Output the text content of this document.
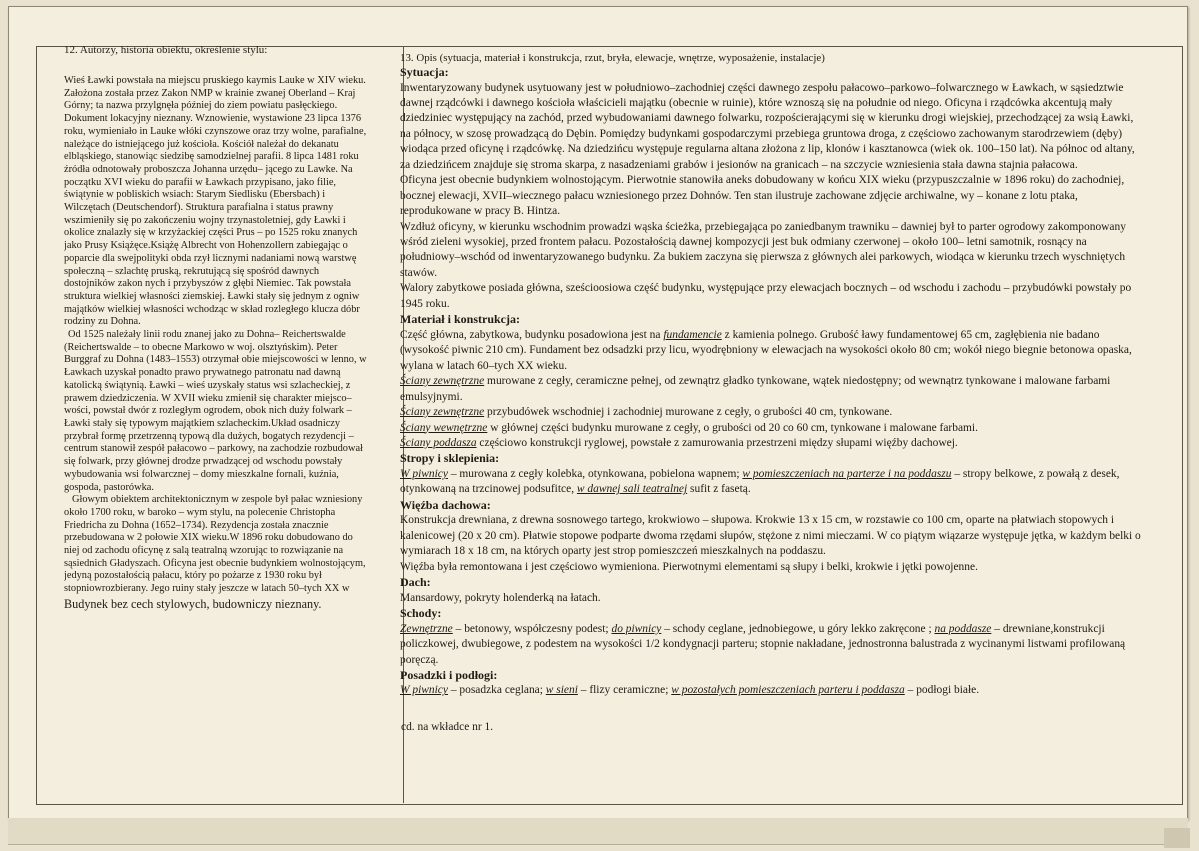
12. Autorzy, historia obiektu, określenie stylu:

Wieś Ławki powstała na miejscu pruskiego kaymis Lauke w XIV wieku. Założona została przez Zakon NMP w krainie zwanej Oberland – Kraj Górny; ta nazwa przylgnęła później do ziem powiatu pasłęckiego. Dokument lokacyjny nieznany. Wznowienie, wystawione 23 lipca 1376 roku, wymieniało in Lauke włóki czynszowe oraz trzy wolne, parafialne, należące do istniejącego już kościoła. Kościół należał do dekanatu elbląskiego, stanowiąc siedzibę samodzielnej parafii. 8 lipca 1481 roku źródła odnotowały proboszcza Johanna urzędu– jącego zu Lawke. Na początku XVI wieku do parafii w Ławkach przypisano, jako filie, świątynie w pobliskich wsiach: Starym Siedlisku (Ebersbach) i Wilczętach (Deutschendorf). Struktura parafialna i status prawny wszimieniły się po zakończeniu wojny trzynastoletniej, gdy Ławki i okolice znalazły się w krzyżackiej części Prus – po 1525 roku znanych jako Prusy Książęce.Książę Albrecht von Hohenzollern zabiegając o poparcie dla swejpolityki obda rzył licznymi nadaniami nową warstwę społeczną – szlachtę pruską, rekrutującą się spośród dawnych dostojników zakon nych i przybyszów z głębi Niemiec. Tak powstała struktura wielkiej własności ziemskiej. Ławki stały się jednym z ogniw majątków wielkiej własności wchodząc w skład rozległego klucza dóbr rodziny zu Dohna.

Od 1525 należały linii rodu znanej jako zu Dohna– Reichertswalde (Reichertswalde – to obecne Markowo w woj. olsztyńskim). Peter Burggraf zu Dohna (1483–1553) otrzymał obie miejscowości w lenno, w Ławkach uzyskał ponadto prawo prywatnego patronatu nad dawną katolicką świątynią. Ławki – wieś uzyskały status wsi szlacheckiej, z prawem dziedziczenia. W XVII wieku zmienił się charakter miejsco– wości, powstał dwór z rozległym ogrodem, obok nich duży folwark – Ławki stały się typowym majątkiem szlacheckim.Układ osadniczy przybrał formę przetrzenną typową dla dużych, bogatych rezydencji – centrum stanowił zespół pałacowo – parkowy, na zachodzie rozbudował się folwark, przy głównej drodze prwadzącej od wschodu powstały wybudowania wsi folwarcznej – domy mieszkalne fornali, kuźnia, gospoda, pastorówka.

Głowym obiektem architektonicznym w zespole był pałac wzniesiony około 1700 roku, w baroko – wym stylu, na polecenie Christopha Friedricha zu Dohna (1652–1734). Rezydencja została znacznie przebudowana w 2 połowie XIX wieku.W 1896 roku dobudowano do niej od zachodu oficynę z salą teatralną wzorując to rozwiązanie na sąsiednich Gładyszach. Oficyna jest obecnie budynkiem wolnostojącym, jedyną pozostałością pałacu, który po pożarze z 1930 roku był stopniowrozbierany. Jego ruiny stały jeszcze w latach 50–tych XX w

Budynek bez cech stylowych, budowniczy nieznany.

13. Opis (sytuacja, materiał i konstrukcja, rzut, bryła, elewacje, wnętrze, wyposażenie, instalacje)

Sytuacja:

Inwentaryzowany budynek usytuowany jest w południowo–zachodniej części dawnego zespołu pałacowo–parkowo–folwarcznego w Ławkach, w sąsiedztwie dawnej rządcówki i dawnego kościoła właścicieli majątku (obecnie w ruinie), które wznoszą się na południe od niego. Oficyna i rządcówka akcentują mały dziedziniec występujący na zachód, przed wybudowaniami dawnego folwarku, rozpościerającymi się w kierunku drogi wiejskiej, przechodzącej za wsią Ławki, na północy, w szosę prowadzącą do Dębin. Pomiędzy budynkami gospodarczymi przebiega gruntowa droga, z częściowo zachowanym starodrzewiem (dęby) wiodąca przed oficynę i rządcówkę. Na dziedzińcu występuje regularna altana złożona z lip, klonów i kasztanowca (wiek ok. 100–150 lat). Na północ od altany, za dziedzińcem znajduje się stroma skarpa, z nasadzeniami grabów i jesionów na granicach – na szczycie wzniesienia stała dawna stajnia pałacowa.

Oficyna jest obecnie budynkiem wolnostojącym. Pierwotnie stanowiła aneks dobudowany w końcu XIX wieku (przypuszczalnie w 1896 roku) do zachodniej, bocznej elewacji, XVII–wiecznego pałacu wzniesionego przez Dohnów. Ten stan ilustruje zachowane zdjęcie archiwalne, wy – konane z lotu ptaka, reprodukowane w pracy B. Hintza.

Wzdłuż oficyny, w kierunku wschodnim prowadzi wąska ścieżka, przebiegająca po zaniedbanym trawniku – dawniej był to parter ogrodowy zakomponowany wśród zieleni wysokiej, przed frontem pałacu. Pozostałością dawnej kompozycji jest buk odmiany czerwonej – około 100– letni samotnik, rosnący na południowy–wschód od inwentaryzowanego budynku. Za bukiem zaczyna się pierwsza z głównych alei parkowych, wiodąca w kierunku trzech wyschniętych stawów.

Walory zabytkowe posiada główna, sześcioosiowa część budynku, występujące przy elewacjach bocznych – od wschodu i zachodu – przybudówki powstały po 1945 roku.

Materiał i konstrukcja:

Część główna, zabytkowa, budynku posadowiona jest na fundamencie z kamienia polnego. Grubość ławy fundamentowej 65 cm, zagłębienia nie badano (wysokość piwnic 210 cm). Fundament bez odsadzki przy licu, wyodrębniony w elewacjach na wysokości około 80 cm; wokół niego biegnie betonowa opaska, wylana w latach 60–tych XX wieku.

Ściany zewnętrzne murowane z cegły, ceramiczne pełnej, od zewnątrz gładko tynkowane, wątek niedostępny; od wewnątrz tynkowane i malowane farbami emulsyjnymi.

Ściany zewnętrzne przybudówek wschodniej i zachodniej murowane z cegły, o grubości 40 cm, tynkowane.

Ściany wewnętrzne w głównej części budynku murowane z cegły, o grubości od 20 co 60 cm, tynkowane i malowane farbami.

Ściany poddasza częściowo konstrukcji ryglowej, powstałe z zamurowania przestrzeni między słupami więźby dachowej.

Stropy i sklepienia:

W piwnicy – murowana z cegły kolebka, otynkowana, pobielona wapnem; w pomieszczeniach na parterze i na poddaszu – stropy belkowe, z powałą z desek, otynkowaną na trzcinowej podsufitce, w dawnej sali teatralnej sufit z fasetą.

Więźba dachowa:

Konstrukcja drewniana, z drewna sosnowego tartego, krokwiowo – słupowa. Krokwie 13 x 15 cm, w rozstawie co 100 cm, oparte na płatwiach stopowych i kalenicowej (20 x 20 cm). Płatwie stopowe podparte dwoma rzędami słupów, stężone z nimi mieczami. W co piątym wiązarze występuje jętka, w każdym belki o wymiarach 18 x 18 cm, na których oparty jest strop pomieszczeń mieszkalnych na poddaszu.

Więźba była remontowana i jest częściowo wymieniona. Pierwotnymi elementami są słupy i belki, krokwie i jętki powojenne.

Dach:

Mansardowy, pokryty holenderką na łatach.

Schody:

Zewnętrzne – betonowy, współczesny podest; do piwnicy – schody ceglane, jednobiegowe, u góry lekko zakręcone ; na poddasze – drewniane,konstrukcji policzkowej, dwubiegowe, z podestem na wysokości 1/2 kondygnacji parteru; stopnie nakładane, jednostronna balustrada z wycinanymi listwami profilowaną poręczą.

Posadzki i podłogi:

W piwnicy – posadzka ceglana; w sieni – flizy ceramiczne; w pozostałych pomieszczeniach parteru i poddasza – podłogi białe.

cd. na wkładce nr 1.
